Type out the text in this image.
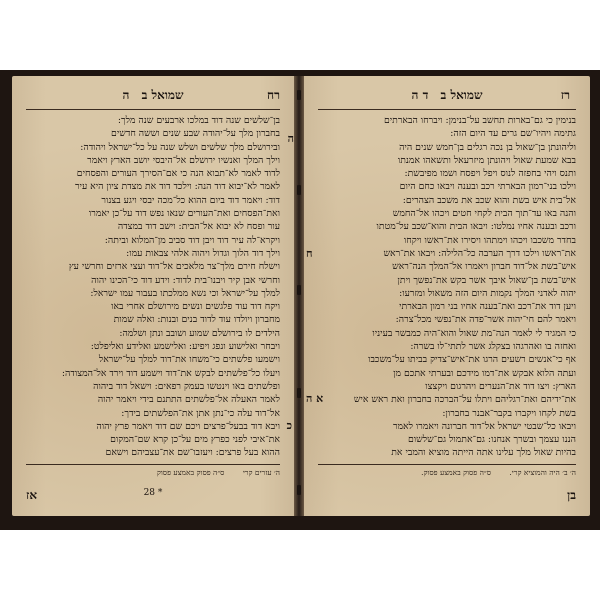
שמואל ב ה	רח
ה
כ

בן־שלשים שנה דוד במלכו ארבעים שנה מלך:

בחברון מלך על־יהודה שבע שנים וששה חדשים

ובירושלם מלך שלשים ושלש שנה על כל־ישראל ויהודה:

וילך המלך ואנשיו ירושלם אל־היבסי יושב הארץ ויאמר

לדוד לאמר לא־תבוא הנה כי אם־הסירך העורים והפסחים

לאמר לא־יבוא דוד הנה: וילכד דוד את מצדת ציון היא עיר

דוד: ויאמר דוד ביום ההוא כל־מכה יבסי ויגע בצנור

ואת־הפסחים ואת־העורים שנאו נפש דוד על־כן יאמרו

עור ופסח לא יבוא אל־הבית: וישב דוד במצדה

ויקרא־לה עיר דוד ויבן דוד סביב מן־המלוא וביתה:

וילך דוד הלוך וגדול ויהוה אלהי צבאות עמו:

וישלח חירם מלך־צר מלאכים אל־דוד ועצי ארזים וחרשי עץ

וחרשי אבן קיר ויבנו־בית לדוד: וידע דוד כי־הכינו יהוה

למלך על־ישראל וכי נשא ממלכתו בעבור עמו ישראל:

ויקח דוד עוד פלגשים ונשים מירושלם אחרי באו

מחברון ויולדו עוד לדוד בנים ובנות: ואלה שמות

הילדים לו בירושלם שמוע ושובב ונתן ושלמה:

ויבחר ואלישוע ונפג ויפיע: ואלישמע ואלידע ואליפלט:

וישמעו פלשתים כי־משחו את־דוד למלך על־ישראל

ויעלו כל־פלשתים לבקש את־דוד וישמע דוד וירד אל־המצודה:

ופלשתים באו וינטשו בעמק רפאים: וישאל דוד ביהוה

לאמר האעלה אל־פלשתים התתנם בידי ויאמר יהוה

אל־דוד עלה כי־נתן אתן את־הפלשתים בידך:

ויבא דוד בבעל־פרצים ויכם שם דוד ויאמר פרץ יהוה

את־איבי לפני כפרץ מים על־כן קרא שם־המקום

ההוא בעל פרצים: ויעזבו־שם את־עצביהם וישאם

ה׳ עזרים קרי ס״ה פסוק באמצע פסוק
אז	28 *
שמואל ב ד ה	רז
ח
א ה

בנימין כי גם־בארות תחשב על־בנימן: ויברחו הבארתים

גתימה ויהיו־שם גרים עד היום הזה:

וליהונתן בן־שאול בן נכה רגלים בן־חמש שנים היה

בבא שמעת שאול ויהונתן מיזרעאל ותשאהו אמנתו

ותנס ויהי בחפזה לנוס ויפל ויפסח ושמו מפיבשת:

וילכו בני־רמון הבארתי רכב ובענה ויבאו כחם היום

אל־בית איש בשת והוא שכב את משכב הצהרים:

והנה באו עד־תוך הבית לקחי חטים ויכהו אל־החמש

ורכב ובענה אחיו נמלטו: ויבאו הבית והוא־שכב על־מטתו

בחדר משכבו ויכהו וימתהו ויסירו את־ראשו ויקחו

את־ראשו וילכו דרך הערבה כל־הלילה: ויבאו את־ראש

איש־בשת אל־דוד חברון ויאמרו אל־המלך הנה־ראש

איש־בשת בן־שאול איבך אשר בקש את־נפשך ויתן

יהוה לאדני המלך נקמות היום הזה משאול ומזרעו:

ויען דוד את־רכב ואת־בענה אחיו בני רמון הבארתי

ויאמר להם חי־יהוה אשר־פדה את־נפשי מכל־צרה:

כי המגיד לי לאמר הנה־מת שאול והוא־היה כמבשר בעיניו

ואחזה בו ואהרגהו בצקלג אשר לתתי־לו בשרה:

אף כי־אנשים רשעים הרגו את־איש־צדיק בביתו על־משכבו

ועתה הלוא אבקש את־דמו מידכם ובערתי אתכם מן

הארץ: ויצו דוד את־הנערים ויהרגום ויקצצו

את־ידיהם ואת־רגליהם ויתלו על־הברכה בחברון ואת ראש איש

בשת לקחו ויקברו בקבר־אבנר בחברון:

ויבאו כל־שבטי ישראל אל־דוד חברונה ויאמרו לאמר

הננו עצמך ובשרך אנחנו: גם־אתמול גם־שלשום

בהיות שאול מלך עלינו אתה הייתה מוציא והמבי את

ה׳ ב׳ היה והמוציא קרי. ס״ה פסוק באמצע פסוק.
בן
